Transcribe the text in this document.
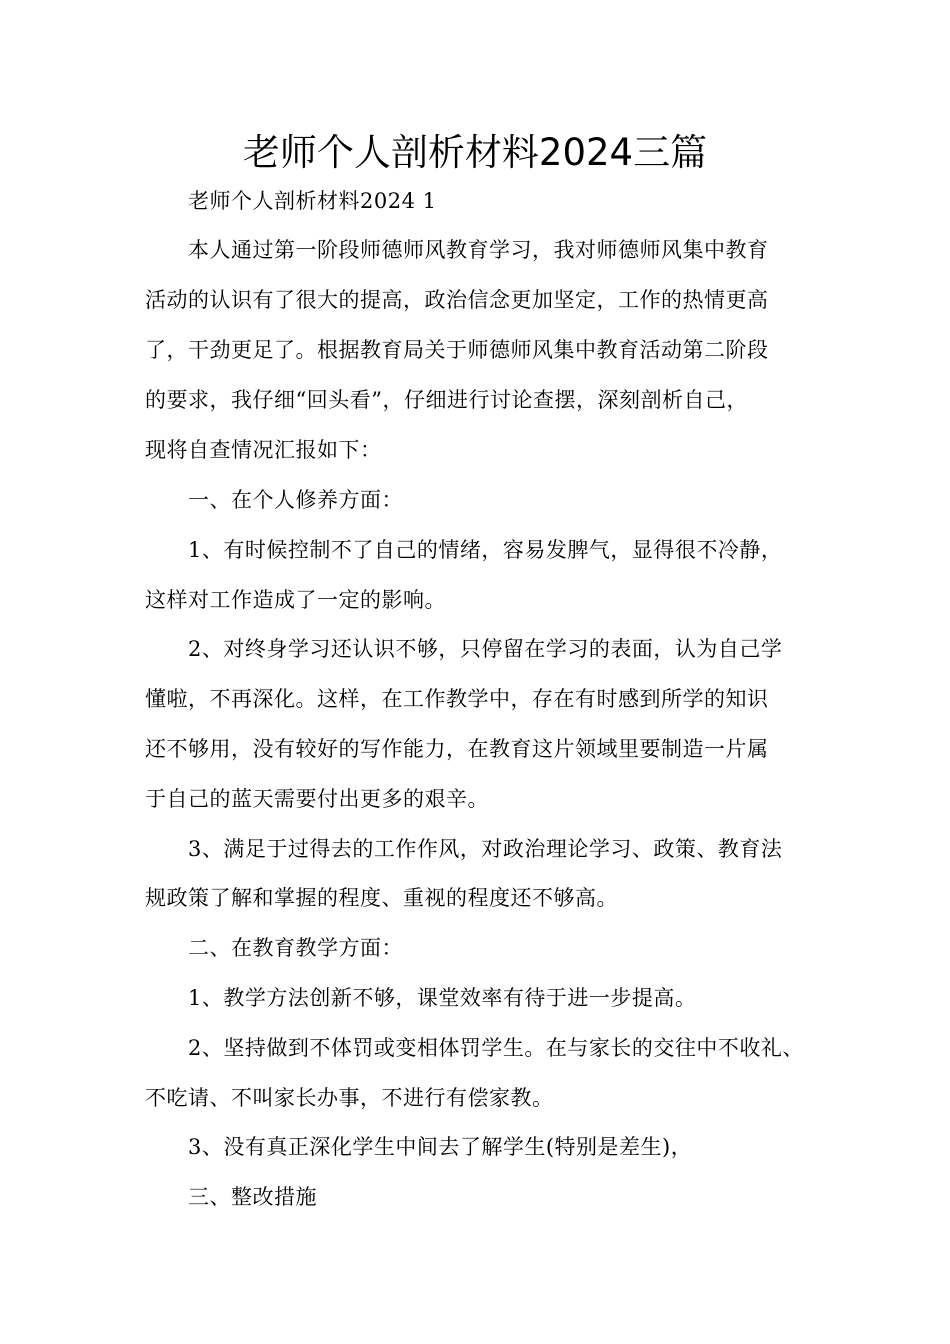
老师个人剖析材料2024三篇
老师个人剖析材料2024 1
本人通过第一阶段师德师风教育学习，我对师德师风集中教育
活动的认识有了很大的提高，政治信念更加坚定，工作的热情更高
了，干劲更足了。根据教育局关于师德师风集中教育活动第二阶段
的要求，我仔细“回头看”，仔细进行讨论查摆，深刻剖析自己，
现将自查情况汇报如下：
一、在个人修养方面：
1、有时候控制不了自己的情绪，容易发脾气，显得很不冷静，
这样对工作造成了一定的影响。
2、对终身学习还认识不够，只停留在学习的表面，认为自己学
懂啦，不再深化。这样，在工作教学中，存在有时感到所学的知识
还不够用，没有较好的写作能力，在教育这片领域里要制造一片属
于自己的蓝天需要付出更多的艰辛。
3、满足于过得去的工作作风，对政治理论学习、政策、教育法
规政策了解和掌握的程度、重视的程度还不够高。
二、在教育教学方面：
1、教学方法创新不够，课堂效率有待于进一步提高。
2、坚持做到不体罚或变相体罚学生。在与家长的交往中不收礼、
不吃请、不叫家长办事，不进行有偿家教。
3、没有真正深化学生中间去了解学生(特别是差生)，
三、整改措施
